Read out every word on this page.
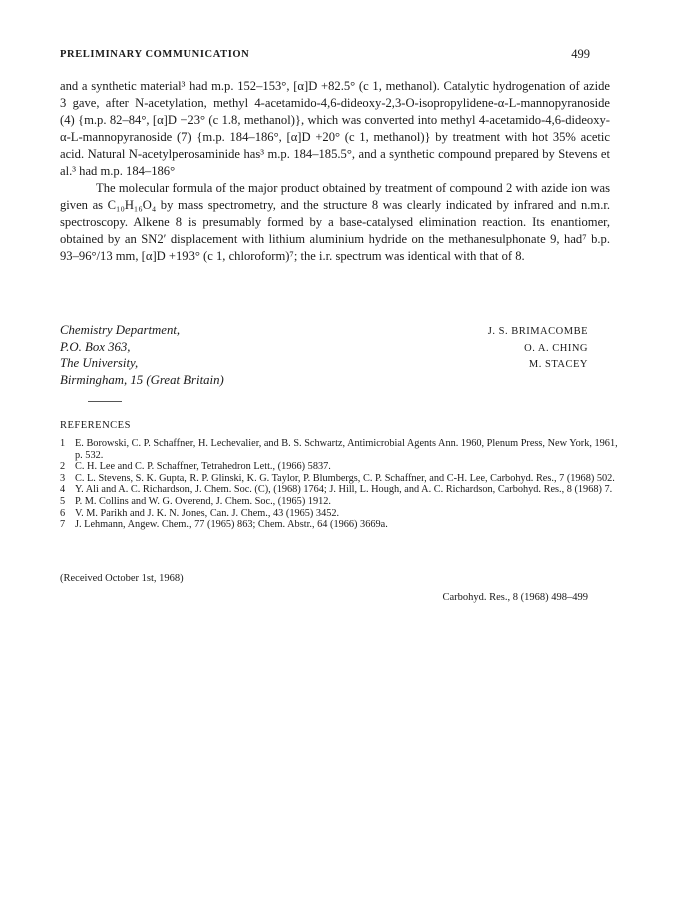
PRELIMINARY COMMUNICATION	499

and a synthetic material³ had m.p. 152–153°, [α]D +82.5° (c 1, methanol). Catalytic hydrogenation of azide 3 gave, after N-acetylation, methyl 4-acetamido-4,6-dideoxy-2,3-O-isopropylidene-α-L-mannopyranoside (4) {m.p. 82–84°, [α]D −23° (c 1.8, methanol)}, which was converted into methyl 4-acetamido-4,6-dideoxy-α-L-mannopyranoside (7) {m.p. 184–186°, [α]D +20° (c 1, methanol)} by treatment with hot 35% acetic acid. Natural N-acetylperosaminide has³ m.p. 184–185.5°, and a synthetic compound prepared by Stevens et al.³ had m.p. 184–186°

The molecular formula of the major product obtained by treatment of compound 2 with azide ion was given as C₁₀H₁₆O₄ by mass spectrometry, and the structure 8 was clearly indicated by infrared and n.m.r. spectroscopy. Alkene 8 is presumably formed by a base-catalysed elimination reaction. Its enantiomer, obtained by an SN2′ displacement with lithium aluminium hydride on the methanesulphonate 9, had⁷ b.p. 93–96°/13 mm, [α]D +193° (c 1, chloroform)⁷; the i.r. spectrum was identical with that of 8.

Chemistry Department,
P.O. Box 363,
The University,
Birmingham, 15 (Great Britain)
J. S. BRIMACOMBE
O. A. CHING
M. STACEY
REFERENCES
1 E. Borowski, C. P. Schaffner, H. Lechevalier, and B. S. Schwartz, Antimicrobial Agents Ann. 1960, Plenum Press, New York, 1961, p. 532.
2 C. H. Lee and C. P. Schaffner, Tetrahedron Lett., (1966) 5837.
3 C. L. Stevens, S. K. Gupta, R. P. Glinski, K. G. Taylor, P. Blumbergs, C. P. Schaffner, and C-H. Lee, Carbohyd. Res., 7 (1968) 502.
4 Y. Ali and A. C. Richardson, J. Chem. Soc. (C), (1968) 1764; J. Hill, L. Hough, and A. C. Richardson, Carbohyd. Res., 8 (1968) 7.
5 P. M. Collins and W. G. Overend, J. Chem. Soc., (1965) 1912.
6 V. M. Parikh and J. K. N. Jones, Can. J. Chem., 43 (1965) 3452.
7 J. Lehmann, Angew. Chem., 77 (1965) 863; Chem. Abstr., 64 (1966) 3669a.
(Received October 1st, 1968)
Carbohyd. Res., 8 (1968) 498–499
